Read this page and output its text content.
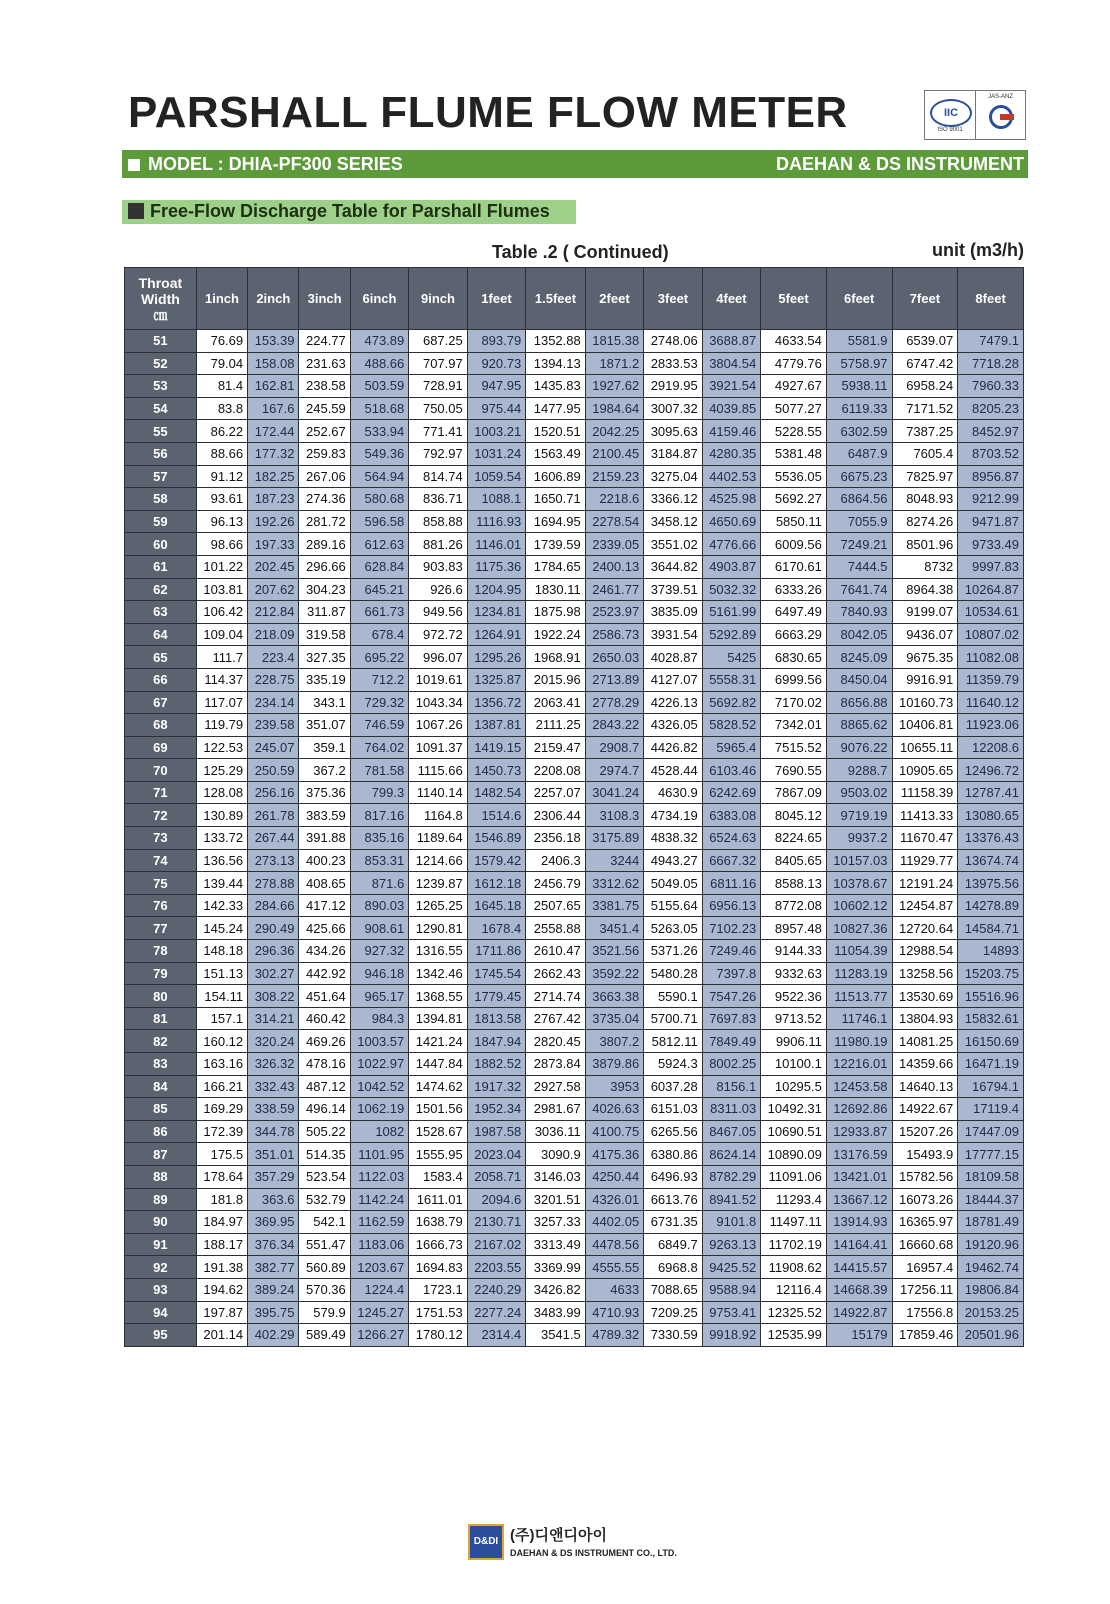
PARSHALL FLUME FLOW METER	IIC
ISO 9001
JAS-ANZ
MODEL : DHIA-PF300 SERIES	DAEHAN & DS INSTRUMENT
Free-Flow Discharge Table for Parshall Flumes
Table .2 ( Continued)	unit (m3/h)
Throat
Width
㎝	1inch	2inch	3inch	6inch	9inch	1feet	1.5feet	2feet	3feet	4feet	5feet	6feet	7feet	8feet
51	76.69	153.39	224.77	473.89	687.25	893.79	1352.88	1815.38	2748.06	3688.87	4633.54	5581.9	6539.07	7479.1
52	79.04	158.08	231.63	488.66	707.97	920.73	1394.13	1871.2	2833.53	3804.54	4779.76	5758.97	6747.42	7718.28
53	81.4	162.81	238.58	503.59	728.91	947.95	1435.83	1927.62	2919.95	3921.54	4927.67	5938.11	6958.24	7960.33
54	83.8	167.6	245.59	518.68	750.05	975.44	1477.95	1984.64	3007.32	4039.85	5077.27	6119.33	7171.52	8205.23
55	86.22	172.44	252.67	533.94	771.41	1003.21	1520.51	2042.25	3095.63	4159.46	5228.55	6302.59	7387.25	8452.97
56	88.66	177.32	259.83	549.36	792.97	1031.24	1563.49	2100.45	3184.87	4280.35	5381.48	6487.9	7605.4	8703.52
57	91.12	182.25	267.06	564.94	814.74	1059.54	1606.89	2159.23	3275.04	4402.53	5536.05	6675.23	7825.97	8956.87
58	93.61	187.23	274.36	580.68	836.71	1088.1	1650.71	2218.6	3366.12	4525.98	5692.27	6864.56	8048.93	9212.99
59	96.13	192.26	281.72	596.58	858.88	1116.93	1694.95	2278.54	3458.12	4650.69	5850.11	7055.9	8274.26	9471.87
60	98.66	197.33	289.16	612.63	881.26	1146.01	1739.59	2339.05	3551.02	4776.66	6009.56	7249.21	8501.96	9733.49
61	101.22	202.45	296.66	628.84	903.83	1175.36	1784.65	2400.13	3644.82	4903.87	6170.61	7444.5	8732	9997.83
62	103.81	207.62	304.23	645.21	926.6	1204.95	1830.11	2461.77	3739.51	5032.32	6333.26	7641.74	8964.38	10264.87
63	106.42	212.84	311.87	661.73	949.56	1234.81	1875.98	2523.97	3835.09	5161.99	6497.49	7840.93	9199.07	10534.61
64	109.04	218.09	319.58	678.4	972.72	1264.91	1922.24	2586.73	3931.54	5292.89	6663.29	8042.05	9436.07	10807.02
65	111.7	223.4	327.35	695.22	996.07	1295.26	1968.91	2650.03	4028.87	5425	6830.65	8245.09	9675.35	11082.08
66	114.37	228.75	335.19	712.2	1019.61	1325.87	2015.96	2713.89	4127.07	5558.31	6999.56	8450.04	9916.91	11359.79
67	117.07	234.14	343.1	729.32	1043.34	1356.72	2063.41	2778.29	4226.13	5692.82	7170.02	8656.88	10160.73	11640.12
68	119.79	239.58	351.07	746.59	1067.26	1387.81	2111.25	2843.22	4326.05	5828.52	7342.01	8865.62	10406.81	11923.06
69	122.53	245.07	359.1	764.02	1091.37	1419.15	2159.47	2908.7	4426.82	5965.4	7515.52	9076.22	10655.11	12208.6
70	125.29	250.59	367.2	781.58	1115.66	1450.73	2208.08	2974.7	4528.44	6103.46	7690.55	9288.7	10905.65	12496.72
71	128.08	256.16	375.36	799.3	1140.14	1482.54	2257.07	3041.24	4630.9	6242.69	7867.09	9503.02	11158.39	12787.41
72	130.89	261.78	383.59	817.16	1164.8	1514.6	2306.44	3108.3	4734.19	6383.08	8045.12	9719.19	11413.33	13080.65
73	133.72	267.44	391.88	835.16	1189.64	1546.89	2356.18	3175.89	4838.32	6524.63	8224.65	9937.2	11670.47	13376.43
74	136.56	273.13	400.23	853.31	1214.66	1579.42	2406.3	3244	4943.27	6667.32	8405.65	10157.03	11929.77	13674.74
75	139.44	278.88	408.65	871.6	1239.87	1612.18	2456.79	3312.62	5049.05	6811.16	8588.13	10378.67	12191.24	13975.56
76	142.33	284.66	417.12	890.03	1265.25	1645.18	2507.65	3381.75	5155.64	6956.13	8772.08	10602.12	12454.87	14278.89
77	145.24	290.49	425.66	908.61	1290.81	1678.4	2558.88	3451.4	5263.05	7102.23	8957.48	10827.36	12720.64	14584.71
78	148.18	296.36	434.26	927.32	1316.55	1711.86	2610.47	3521.56	5371.26	7249.46	9144.33	11054.39	12988.54	14893
79	151.13	302.27	442.92	946.18	1342.46	1745.54	2662.43	3592.22	5480.28	7397.8	9332.63	11283.19	13258.56	15203.75
80	154.11	308.22	451.64	965.17	1368.55	1779.45	2714.74	3663.38	5590.1	7547.26	9522.36	11513.77	13530.69	15516.96
81	157.1	314.21	460.42	984.3	1394.81	1813.58	2767.42	3735.04	5700.71	7697.83	9713.52	11746.1	13804.93	15832.61
82	160.12	320.24	469.26	1003.57	1421.24	1847.94	2820.45	3807.2	5812.11	7849.49	9906.11	11980.19	14081.25	16150.69
83	163.16	326.32	478.16	1022.97	1447.84	1882.52	2873.84	3879.86	5924.3	8002.25	10100.1	12216.01	14359.66	16471.19
84	166.21	332.43	487.12	1042.52	1474.62	1917.32	2927.58	3953	6037.28	8156.1	10295.5	12453.58	14640.13	16794.1
85	169.29	338.59	496.14	1062.19	1501.56	1952.34	2981.67	4026.63	6151.03	8311.03	10492.31	12692.86	14922.67	17119.4
86	172.39	344.78	505.22	1082	1528.67	1987.58	3036.11	4100.75	6265.56	8467.05	10690.51	12933.87	15207.26	17447.09
87	175.5	351.01	514.35	1101.95	1555.95	2023.04	3090.9	4175.36	6380.86	8624.14	10890.09	13176.59	15493.9	17777.15
88	178.64	357.29	523.54	1122.03	1583.4	2058.71	3146.03	4250.44	6496.93	8782.29	11091.06	13421.01	15782.56	18109.58
89	181.8	363.6	532.79	1142.24	1611.01	2094.6	3201.51	4326.01	6613.76	8941.52	11293.4	13667.12	16073.26	18444.37
90	184.97	369.95	542.1	1162.59	1638.79	2130.71	3257.33	4402.05	6731.35	9101.8	11497.11	13914.93	16365.97	18781.49
91	188.17	376.34	551.47	1183.06	1666.73	2167.02	3313.49	4478.56	6849.7	9263.13	11702.19	14164.41	16660.68	19120.96
92	191.38	382.77	560.89	1203.67	1694.83	2203.55	3369.99	4555.55	6968.8	9425.52	11908.62	14415.57	16957.4	19462.74
93	194.62	389.24	570.36	1224.4	1723.1	2240.29	3426.82	4633	7088.65	9588.94	12116.4	14668.39	17256.11	19806.84
94	197.87	395.75	579.9	1245.27	1751.53	2277.24	3483.99	4710.93	7209.25	9753.41	12325.52	14922.87	17556.8	20153.25
95	201.14	402.29	589.49	1266.27	1780.12	2314.4	3541.5	4789.32	7330.59	9918.92	12535.99	15179	17859.46	20501.96
D&DI (주)디앤디아이
DAEHAN & DS INSTRUMENT CO., LTD.
